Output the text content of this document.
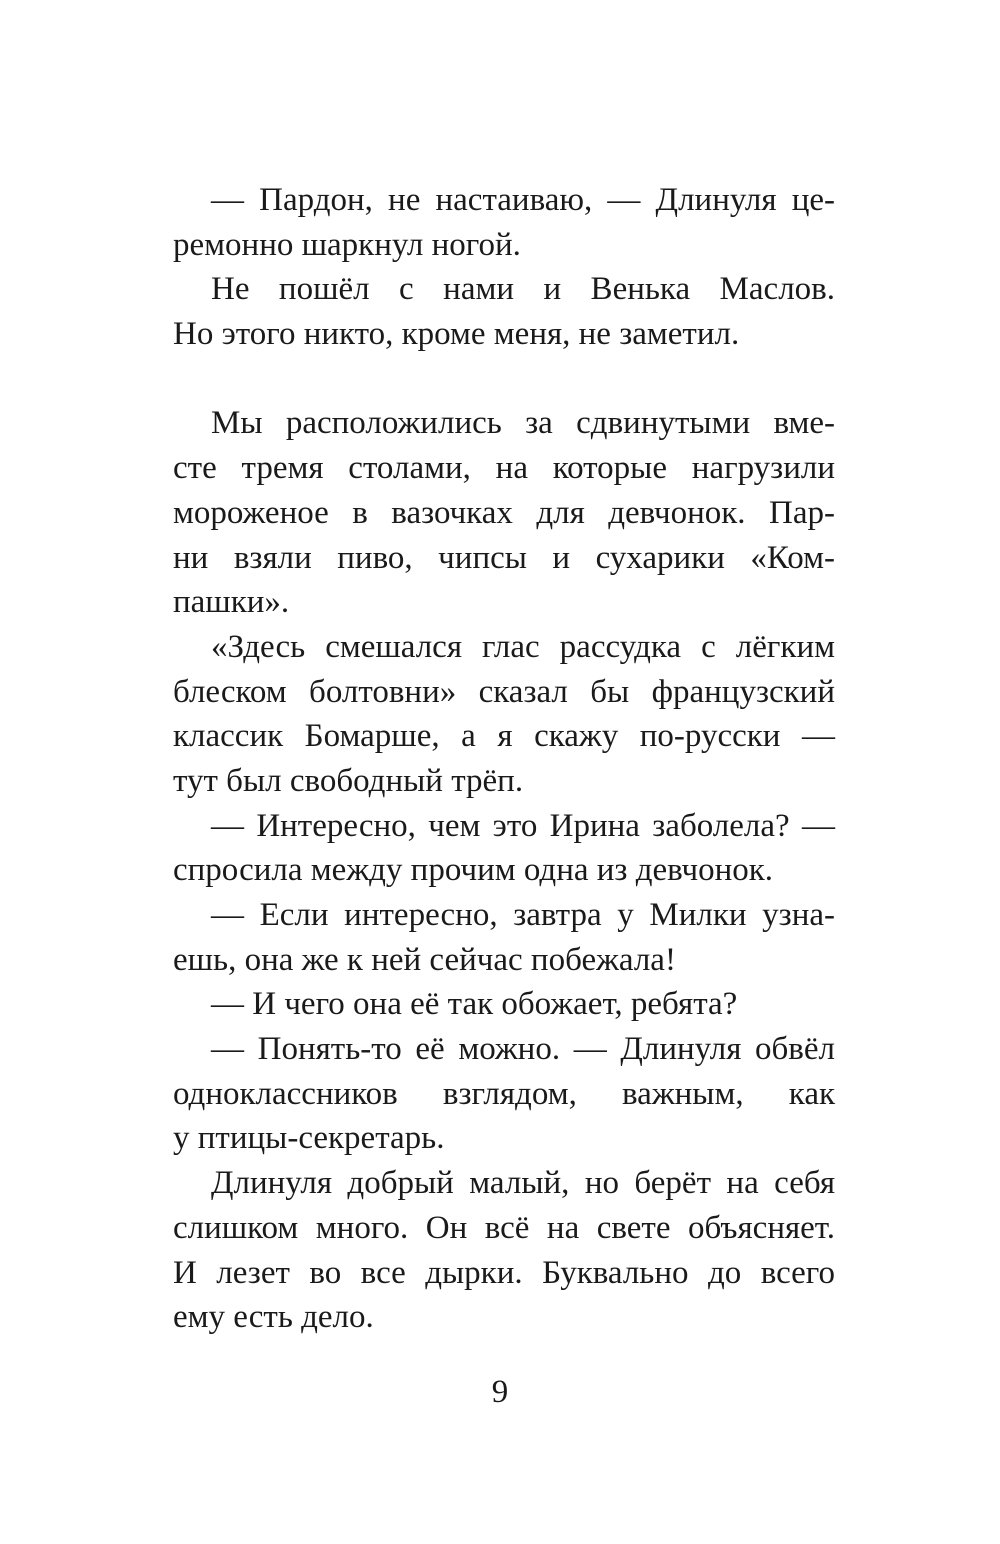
— Пардон, не настаиваю, — Длинуля це-
ремонно шаркнул ногой.
Не пошёл с нами и Венька Маслов.
Но этого никто, кроме меня, не заметил.
Мы расположились за сдвинутыми вме-
сте тремя столами, на которые нагрузили
мороженое в вазочках для девчонок. Пар-
ни взяли пиво, чипсы и сухарики «Ком-
пашки».
«Здесь смешался глас рассудка с лёгким
блеском болтовни» сказал бы французский
классик Бомарше, а я скажу по-русски —
тут был свободный трёп.
— Интересно, чем это Ирина заболела? —
спросила между прочим одна из девчонок.
— Если интересно, завтра у Милки узна-
ешь, она же к ней сейчас побежала!
— И чего она её так обожает, ребята?
— Понять-то её можно. — Длинуля обвёл
одноклассников взглядом, важным, как
у птицы-секретарь.
Длинуля добрый малый, но берёт на себя
слишком много. Он всё на свете объясняет.
И лезет во все дырки. Буквально до всего
ему есть дело.
9
